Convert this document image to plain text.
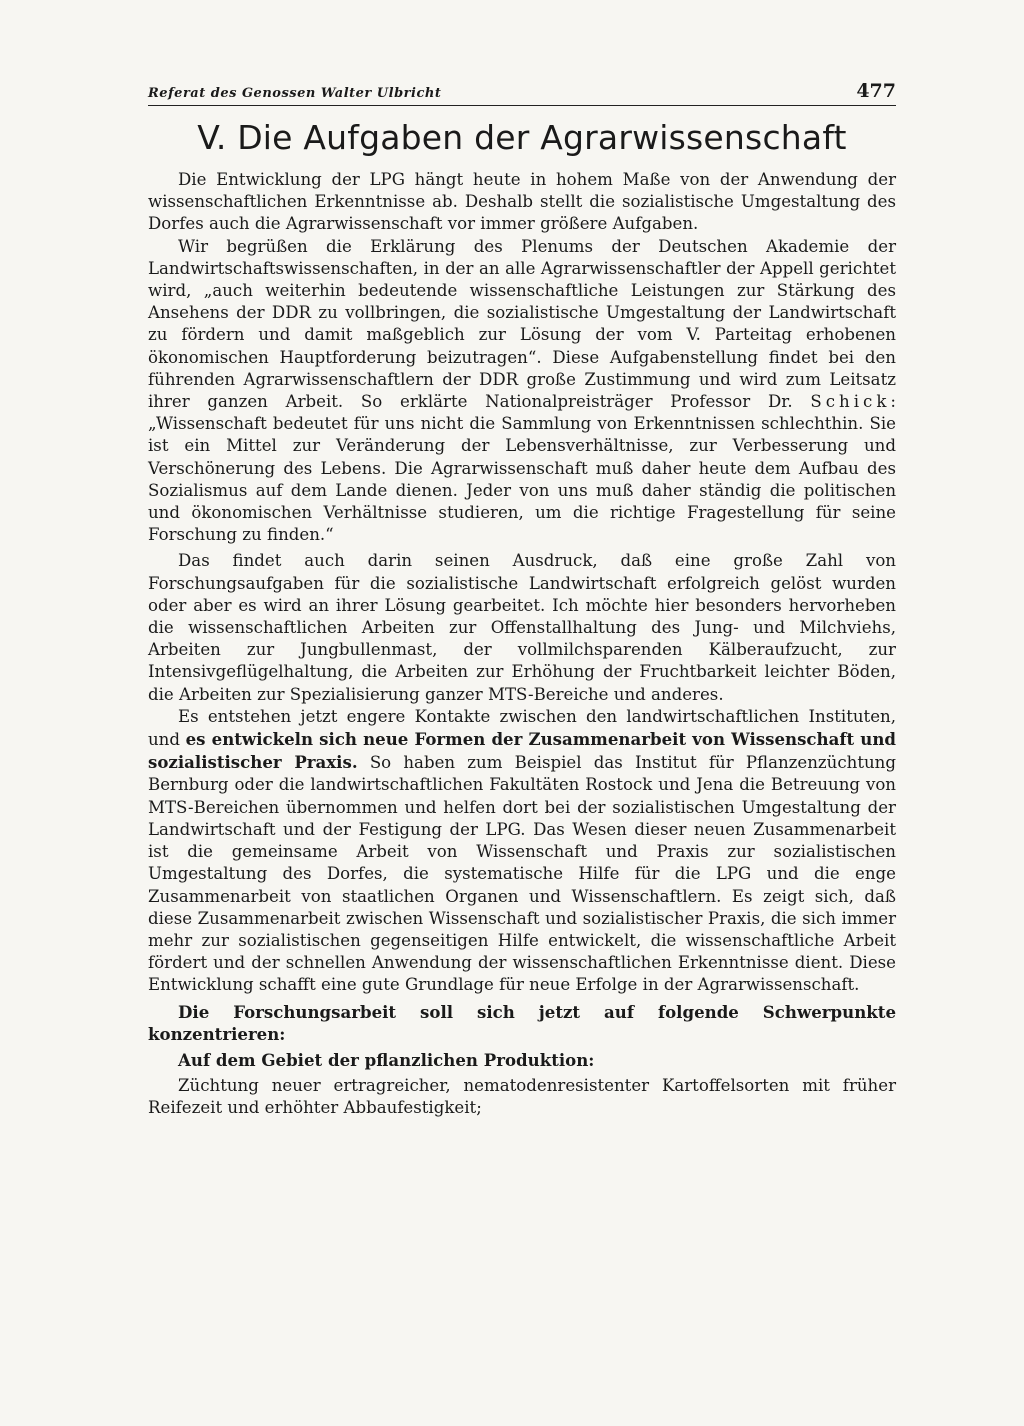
Referat des Genossen Walter Ulbricht	477
V. Die Aufgaben der Agrarwissenschaft

Die Entwicklung der LPG hängt heute in hohem Maße von der Anwendung der wissenschaftlichen Erkenntnisse ab. Deshalb stellt die sozialistische Umgestaltung des Dorfes auch die Agrarwissenschaft vor immer größere Aufgaben.

Wir begrüßen die Erklärung des Plenums der Deutschen Akademie der Landwirtschaftswissenschaften, in der an alle Agrarwissenschaftler der Appell gerichtet wird, „auch weiterhin bedeutende wissenschaftliche Leistungen zur Stärkung des Ansehens der DDR zu vollbringen, die sozialistische Umgestaltung der Landwirtschaft zu fördern und damit maßgeblich zur Lösung der vom V. Parteitag erhobenen ökonomischen Hauptforderung beizutragen“. Diese Aufgabenstellung findet bei den führenden Agrarwissenschaftlern der DDR große Zustimmung und wird zum Leitsatz ihrer ganzen Arbeit. So erklärte Nationalpreisträger Professor Dr. Schick: „Wissenschaft bedeutet für uns nicht die Sammlung von Erkenntnissen schlechthin. Sie ist ein Mittel zur Veränderung der Lebensverhältnisse, zur Verbesserung und Verschönerung des Lebens. Die Agrarwissenschaft muß daher heute dem Aufbau des Sozialismus auf dem Lande dienen. Jeder von uns muß daher ständig die politischen und ökonomischen Verhältnisse studieren, um die richtige Fragestellung für seine Forschung zu finden.“

Das findet auch darin seinen Ausdruck, daß eine große Zahl von Forschungsaufgaben für die sozialistische Landwirtschaft erfolgreich gelöst wurden oder aber es wird an ihrer Lösung gearbeitet. Ich möchte hier besonders hervorheben die wissenschaftlichen Arbeiten zur Offenstallhaltung des Jung- und Milchviehs, Arbeiten zur Jungbullenmast, der vollmilchsparenden Kälberaufzucht, zur Intensivgeflügelhaltung, die Arbeiten zur Erhöhung der Fruchtbarkeit leichter Böden, die Arbeiten zur Spezialisierung ganzer MTS-Bereiche und anderes.

Es entstehen jetzt engere Kontakte zwischen den landwirtschaftlichen Instituten, und es entwickeln sich neue Formen der Zusammenarbeit von Wissenschaft und sozialistischer Praxis. So haben zum Beispiel das Institut für Pflanzenzüchtung Bernburg oder die landwirtschaftlichen Fakultäten Rostock und Jena die Betreuung von MTS-Bereichen übernommen und helfen dort bei der sozialistischen Umgestaltung der Landwirtschaft und der Festigung der LPG. Das Wesen dieser neuen Zusammenarbeit ist die gemeinsame Arbeit von Wissenschaft und Praxis zur sozialistischen Umgestaltung des Dorfes, die systematische Hilfe für die LPG und die enge Zusammenarbeit von staatlichen Organen und Wissenschaftlern. Es zeigt sich, daß diese Zusammenarbeit zwischen Wissenschaft und sozialistischer Praxis, die sich immer mehr zur sozialistischen gegenseitigen Hilfe entwickelt, die wissenschaftliche Arbeit fördert und der schnellen Anwendung der wissenschaftlichen Erkenntnisse dient. Diese Entwicklung schafft eine gute Grundlage für neue Erfolge in der Agrarwissenschaft.

Die Forschungsarbeit soll sich jetzt auf folgende Schwerpunkte konzentrieren:

Auf dem Gebiet der pflanzlichen Produktion:

Züchtung neuer ertragreicher, nematodenresistenter Kartoffelsorten mit früher Reifezeit und erhöhter Abbaufestigkeit;
